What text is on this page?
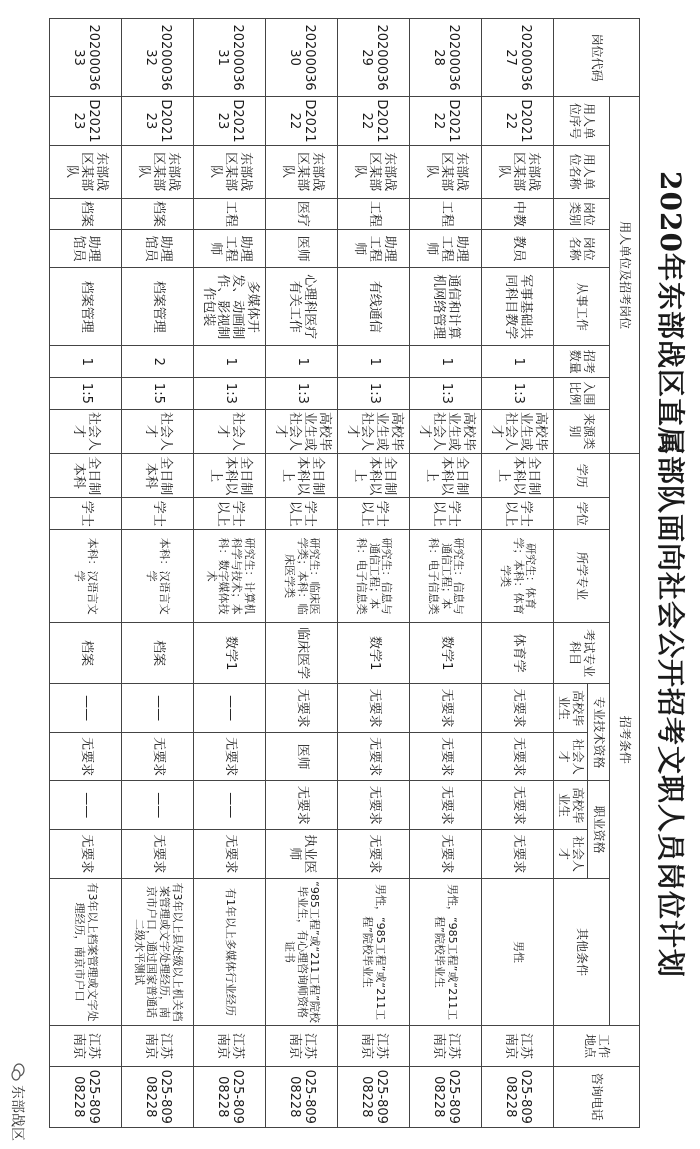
2020年东部战区直属部队面向社会公开招考文职人员岗位计划
岗位代码	用人单位及招考岗位								招考条件									工作地点	咨询电话
	用人单位序号	用人单位名称	岗位类别	岗位名称	从事工作	招考数量	入围比例	来源类别	学历	学位	所学专业	考试专业科目	专业技术资格		职业资格		其他条件		
													高校毕业生	社会人才	高校毕业生	社会人才			
2020003627	D202122	东部战区某部队	中教	教员	军事基础共同科目教学	1	1:3	高校毕业生或社会人才	全日制本科以上	学士以上	研究生：体育学；本科：体育学类	体育学	无要求	无要求	无要求	无要求	男性	江苏南京	025-80908228
2020003628	D202122	东部战区某部队	工程	助理工程师	通信和计算机网络管理	1	1:3	高校毕业生或社会人才	全日制本科以上	学士以上	研究生：信息与通信工程；本科：电子信息类	数学1	无要求	无要求	无要求	无要求	男性，“985工程”或“211工程”院校毕业生	江苏南京	025-80908228
2020003629	D202122	东部战区某部队	工程	助理工程师	有线通信	1	1:3	高校毕业生或社会人才	全日制本科以上	学士以上	研究生：信息与通信工程；本科：电子信息类	数学1	无要求	无要求	无要求	无要求	男性，“985工程”或“211工程”院校毕业生	江苏南京	025-80908228
2020003630	D202122	东部战区某部队	医疗	医师	心理科医疗有关工作	1	1:3	高校毕业生或社会人才	全日制本科以上	学士以上	研究生：临床医学类；本科：临床医学类	临床医学	无要求	医师	无要求	执业医师	“985工程”或“211工程”院校毕业生，有心理咨询师资格证书	江苏南京	025-80908228
2020003631	D202123	东部战区某部队	工程	助理工程师	多媒体开发、动画制作、影视制作包装	1	1:3	社会人才	全日制本科以上	学士以上	研究生：计算机科学与技术；本科：数字媒体技术	数学1	——	无要求	——	无要求	有1年以上多媒体行业经历	江苏南京	025-80908228
2020003632	D202123	东部战区某部队	档案	助理馆员	档案管理	2	1:5	社会人才	全日制本科	学士	本科：汉语言文学	档案	——	无要求	——	无要求	有3年以上县处级以上机关档案管理或文字处理经历，南京市户口，通过国家普通话二级水平测试	江苏南京	025-80908228
2020003633	D202123	东部战区某部队	档案	助理馆员	档案管理	1	1:5	社会人才	全日制本科	学士	本科：汉语言文学	档案	——	无要求	——	无要求	有3年以上档案管理或文字处理经历，南京市户口	江苏南京	025-80908228
东部战区
